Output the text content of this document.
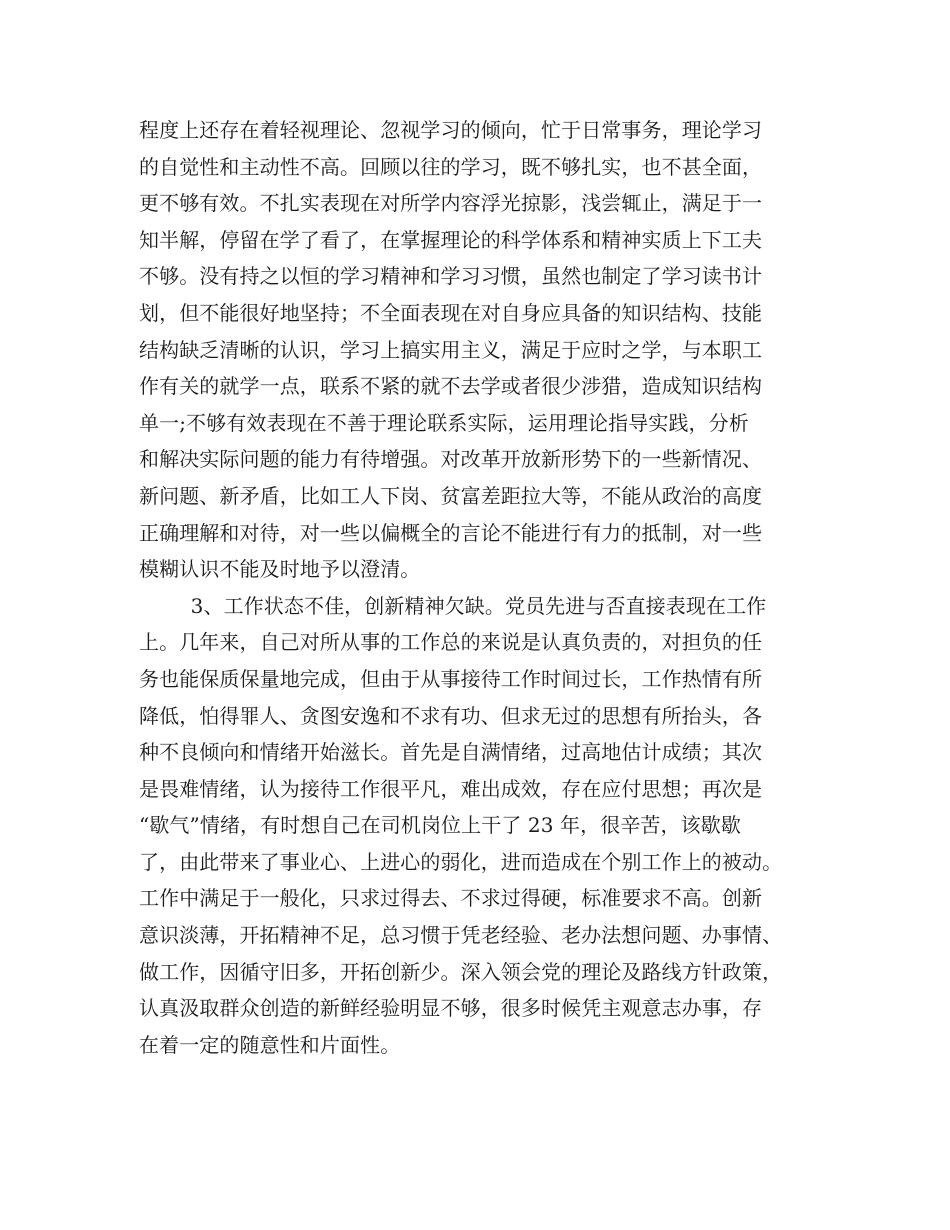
程度上还存在着轻视理论、忽视学习的倾向，忙于日常事务，理论学习
的自觉性和主动性不高。回顾以往的学习，既不够扎实，也不甚全面，
更不够有效。不扎实表现在对所学内容浮光掠影，浅尝辄止，满足于一
知半解，停留在学了看了，在掌握理论的科学体系和精神实质上下工夫
不够。没有持之以恒的学习精神和学习习惯，虽然也制定了学习读书计
划，但不能很好地坚持；不全面表现在对自身应具备的知识结构、技能
结构缺乏清晰的认识，学习上搞实用主义，满足于应时之学，与本职工
作有关的就学一点，联系不紧的就不去学或者很少涉猎，造成知识结构
单一;不够有效表现在不善于理论联系实际，运用理论指导实践，分析
和解决实际问题的能力有待增强。对改革开放新形势下的一些新情况、
新问题、新矛盾，比如工人下岗、贫富差距拉大等，不能从政治的高度
正确理解和对待，对一些以偏概全的言论不能进行有力的抵制，对一些
模糊认识不能及时地予以澄清。
3、工作状态不佳，创新精神欠缺。党员先进与否直接表现在工作
上。几年来，自己对所从事的工作总的来说是认真负责的，对担负的任
务也能保质保量地完成，但由于从事接待工作时间过长，工作热情有所
降低，怕得罪人、贪图安逸和不求有功、但求无过的思想有所抬头，各
种不良倾向和情绪开始滋长。首先是自满情绪，过高地估计成绩；其次
是畏难情绪，认为接待工作很平凡，难出成效，存在应付思想；再次是
“歇气”情绪，有时想自己在司机岗位上干了 23 年，很辛苦，该歇歇
了，由此带来了事业心、上进心的弱化，进而造成在个别工作上的被动。
工作中满足于一般化，只求过得去、不求过得硬，标准要求不高。创新
意识淡薄，开拓精神不足，总习惯于凭老经验、老办法想问题、办事情、
做工作，因循守旧多，开拓创新少。深入领会党的理论及路线方针政策，
认真汲取群众创造的新鲜经验明显不够，很多时候凭主观意志办事，存
在着一定的随意性和片面性。
